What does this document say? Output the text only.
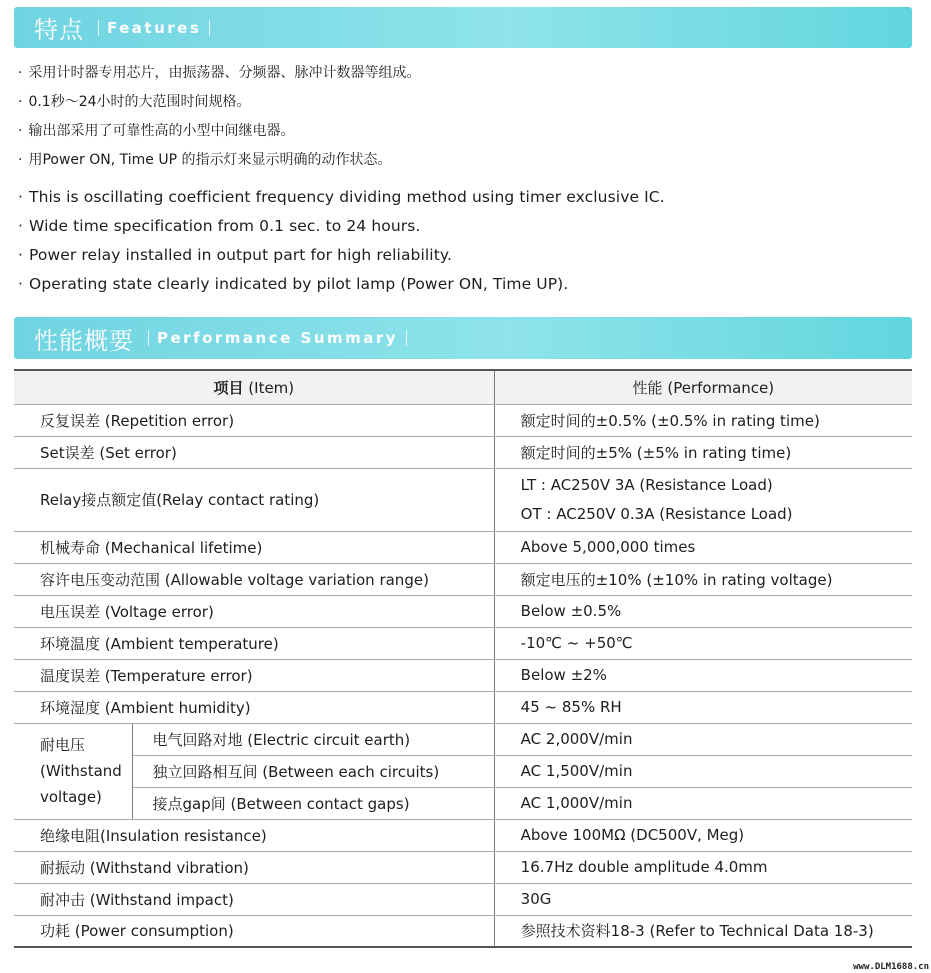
特点 Features
· 采用计时器专用芯片，由振荡器、分频器、脉冲计数器等组成。
· 0.1秒～24小时的大范围时间规格。
· 输出部采用了可靠性高的小型中间继电器。
· 用Power ON, Time UP 的指示灯来显示明确的动作状态。
· This is oscillating coefficient frequency dividing method using timer exclusive IC.
· Wide time specification from 0.1 sec. to 24 hours.
· Power relay installed in output part for high reliability.
· Operating state clearly indicated by pilot lamp (Power ON, Time UP).
性能概要 Performance Summary
项目 (Item)		性能 (Performance)
反复误差 (Repetition error)		额定时间的±0.5% (±0.5% in rating time)
Set误差 (Set error)		额定时间的±5% (±5% in rating time)
Relay接点额定值(Relay contact rating)		LT : AC250V 3A (Resistance Load)
OT : AC250V 0.3A (Resistance Load)

机械寿命 (Mechanical lifetime)		Above 5,000,000 times
容许电压变动范围 (Allowable voltage variation range)		额定电压的±10% (±10% in rating voltage)
电压误差 (Voltage error)		Below ±0.5%
环境温度 (Ambient temperature)		-10℃ ~ +50℃
温度误差 (Temperature error)		Below ±2%
环境湿度 (Ambient humidity)		45 ~ 85% RH

耐电压
(Withstand
voltage)	电气回路对地 (Electric circuit earth)	AC 2,000V/min
	独立回路相互间 (Between each circuits)	AC 1,500V/min
	接点gap间 (Between contact gaps)	AC 1,000V/min
绝缘电阻(Insulation resistance)		Above 100MΩ (DC500V, Meg)
耐振动 (Withstand vibration)		16.7Hz double amplitude 4.0mm
耐冲击 (Withstand impact)		30G
功耗 (Power consumption)		参照技术资料18-3 (Refer to Technical Data 18-3)
www.DLM1688.cn
